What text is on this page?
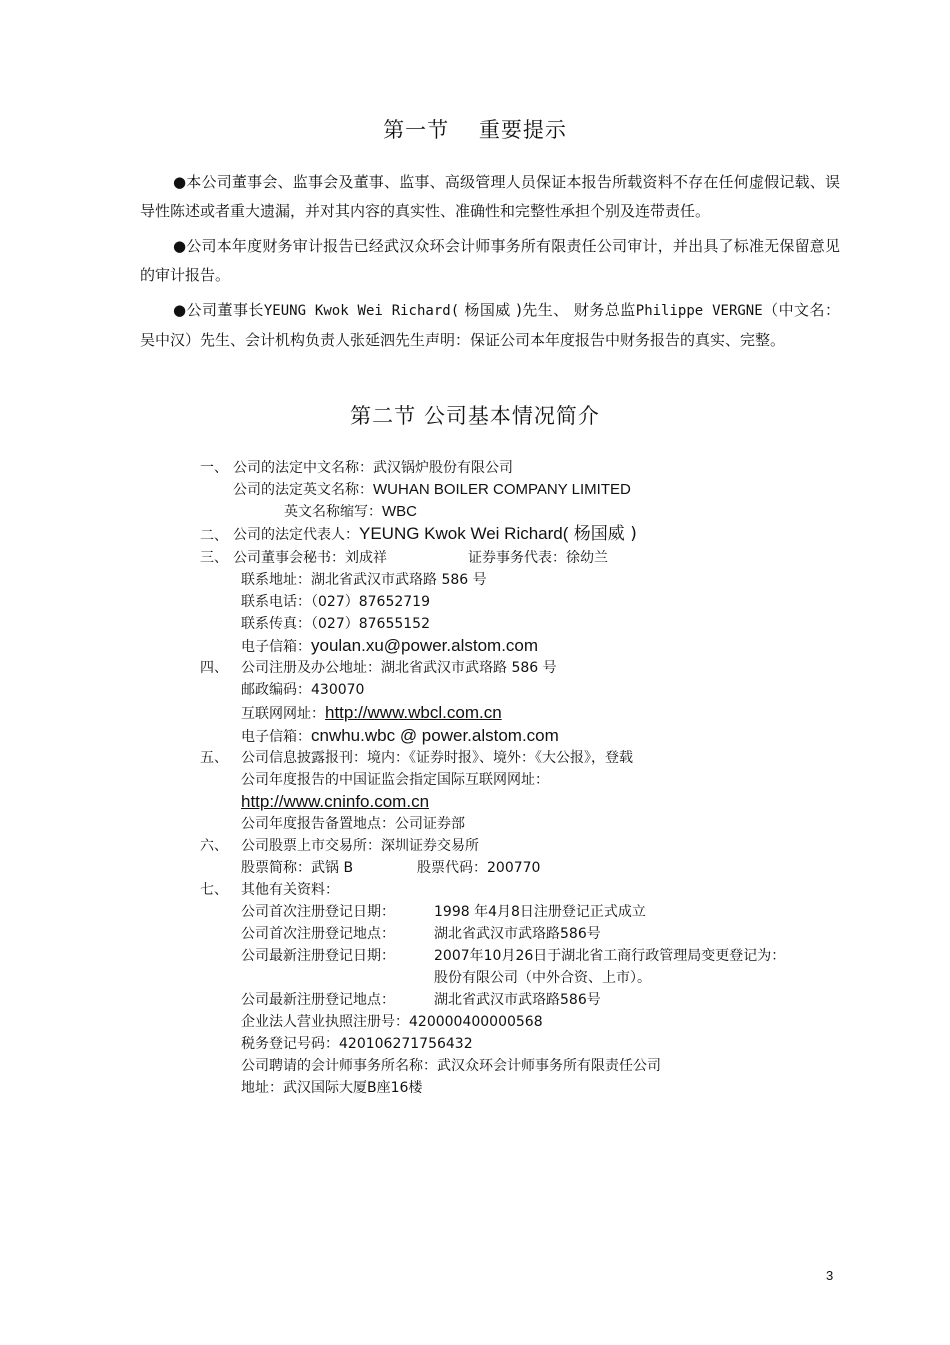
第一节　 重要提示

●本公司董事会、监事会及董事、监事、高级管理人员保证本报告所载资料不存在任何虚假记载、误导性陈述或者重大遗漏，并对其内容的真实性、准确性和完整性承担个别及连带责任。

●公司本年度财务审计报告已经武汉众环会计师事务所有限责任公司审计，并出具了标准无保留意见的审计报告。

●公司董事长YEUNG Kwok Wei Richard( 杨国威 )先生、 财务总监Philippe VERGNE（中文名：吴中汉）先生、会计机构负责人张延泗先生声明：保证公司本年度报告中财务报告的真实、完整。

第二节 公司基本情况简介
一、 公司的法定中文名称：武汉锅炉股份有限公司
公司的法定英文名称：WUHAN BOILER COMPANY LIMITED
英文名称缩写：WBC
二、 公司的法定代表人：YEUNG Kwok Wei Richard( 杨国威 )
三、 公司董事会秘书：刘成祥	证券事务代表：徐幼兰
联系地址：湖北省武汉市武珞路 586 号
联系电话：（027）87652719
联系传真：（027）87655152
电子信箱：youlan.xu@power.alstom.com
四、 公司注册及办公地址：湖北省武汉市武珞路 586 号
邮政编码：430070
互联网网址：http://www.wbcl.com.cn
电子信箱：cnwhu.wbc @ power.alstom.com
五、 公司信息披露报刊：境内：《证券时报》、境外：《大公报》，登载
公司年度报告的中国证监会指定国际互联网网址：
http://www.cninfo.com.cn
公司年度报告备置地点：公司证券部
六、 公司股票上市交易所：深圳证券交易所
股票简称：武锅 B	股票代码：200770
七、 其他有关资料：
公司首次注册登记日期：	1998 年4月8日注册登记正式成立
公司首次注册登记地点：	湖北省武汉市武珞路586号
公司最新注册登记日期：	2007年10月26日于湖北省工商行政管理局变更登记为：
股份有限公司（中外合资、上市）。
公司最新注册登记地点：	湖北省武汉市武珞路586号
企业法人营业执照注册号：420000400000568
税务登记号码：420106271756432
公司聘请的会计师事务所名称：武汉众环会计师事务所有限责任公司
地址：武汉国际大厦B座16楼
3
